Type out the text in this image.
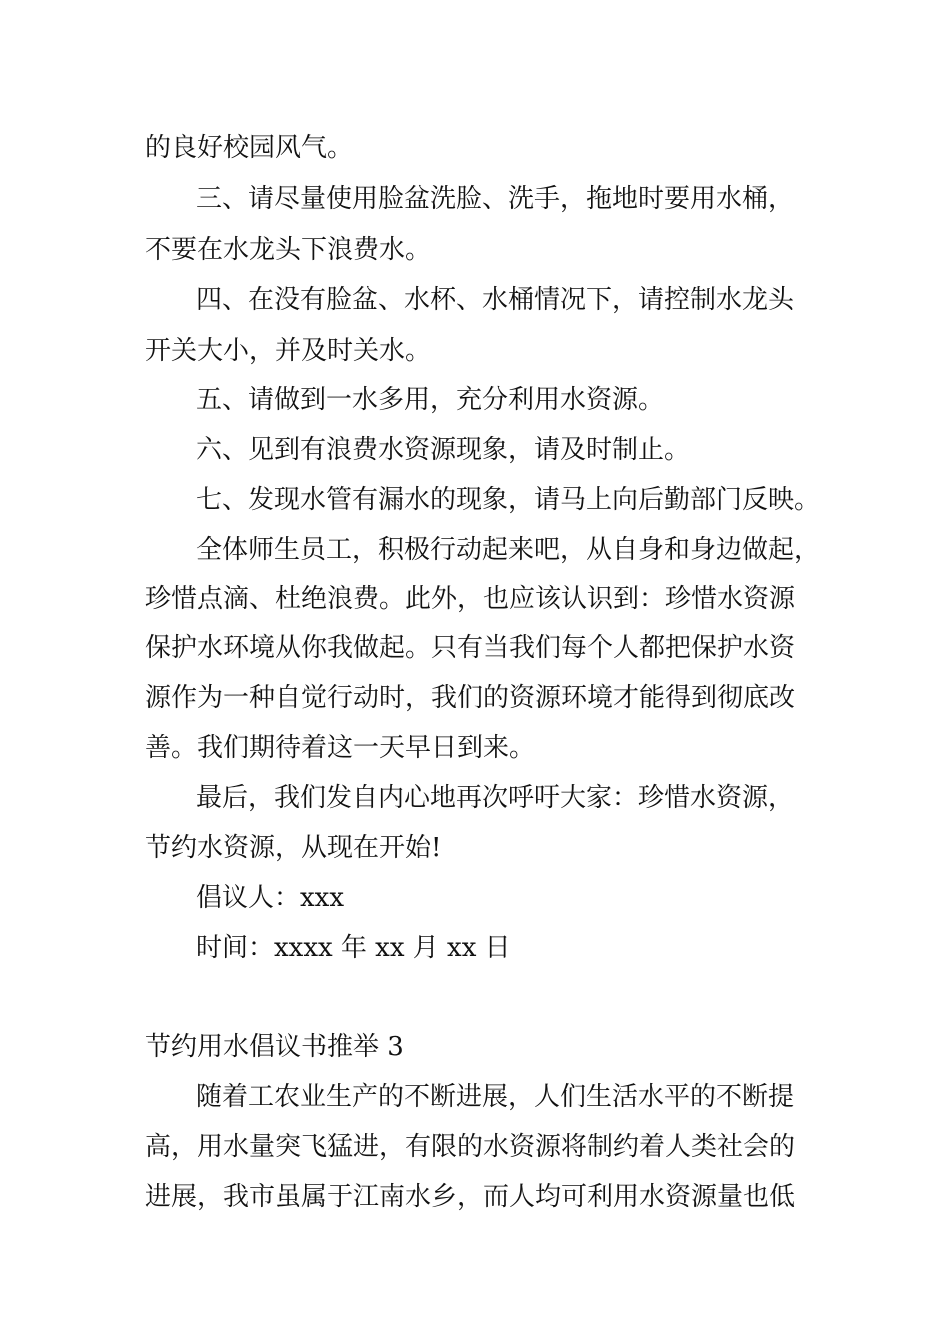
的良好校园风气。
三、请尽量使用脸盆洗脸、洗手，拖地时要用水桶，
不要在水龙头下浪费水。
四、在没有脸盆、水杯、水桶情况下，请控制水龙头
开关大小，并及时关水。
五、请做到一水多用，充分利用水资源。
六、见到有浪费水资源现象，请及时制止。
七、发现水管有漏水的现象，请马上向后勤部门反映。
全体师生员工，积极行动起来吧，从自身和身边做起，
珍惜点滴、杜绝浪费。此外，也应该认识到：珍惜水资源
保护水环境从你我做起。只有当我们每个人都把保护水资
源作为一种自觉行动时，我们的资源环境才能得到彻底改
善。我们期待着这一天早日到来。
最后，我们发自内心地再次呼吁大家：珍惜水资源，
节约水资源，从现在开始!
倡议人：xxx
时间：xxxx 年 xx 月 xx 日
节约用水倡议书推举 3
随着工农业生产的不断进展，人们生活水平的不断提
高，用水量突飞猛进，有限的水资源将制约着人类社会的
进展，我市虽属于江南水乡，而人均可利用水资源量也低
